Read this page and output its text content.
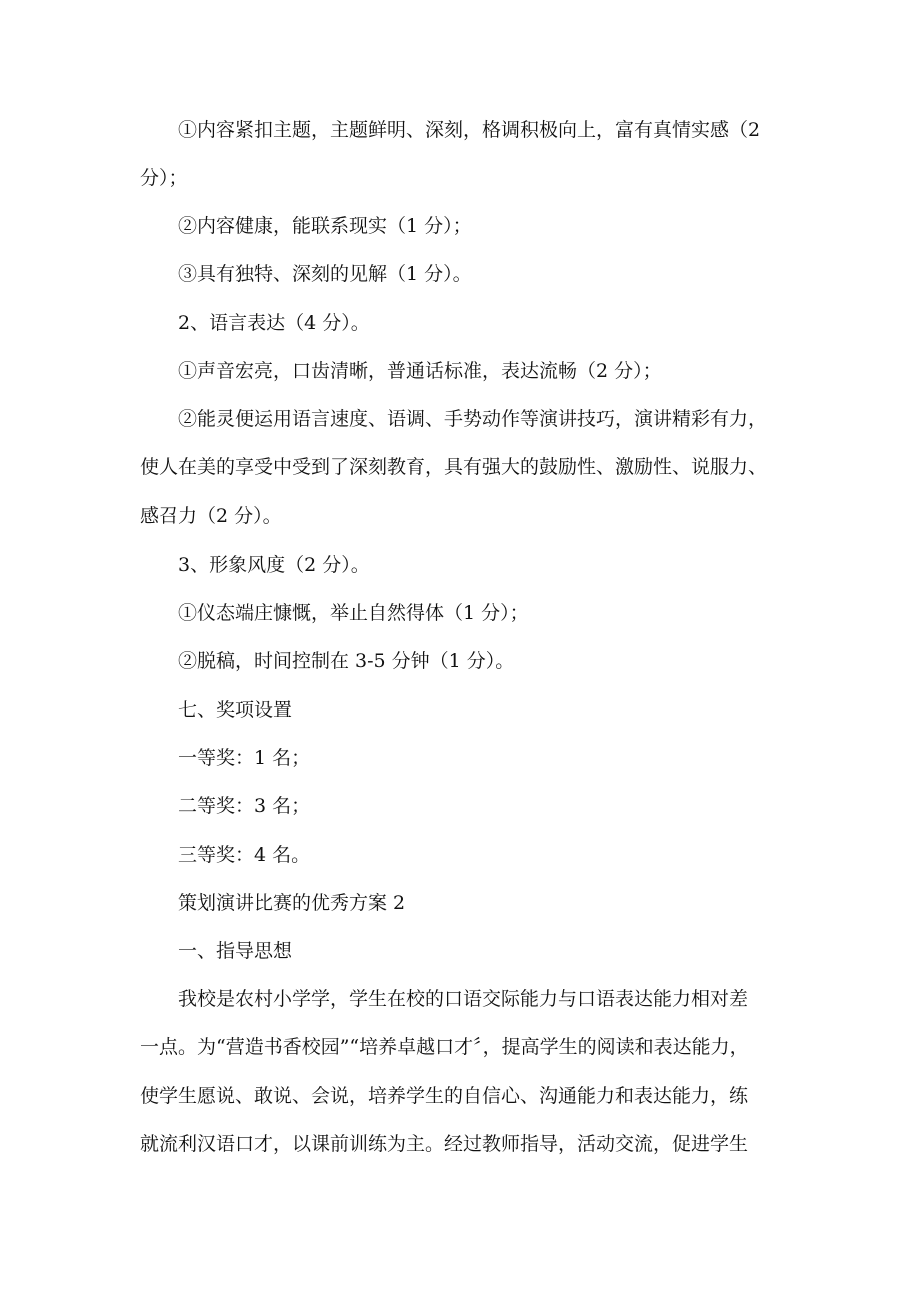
①内容紧扣主题，主题鲜明、深刻，格调积极向上，富有真情实感（2
分）；
②内容健康，能联系现实（1 分）；
③具有独特、深刻的见解（1 分）。
2、语言表达（4 分）。
①声音宏亮，口齿清晰，普通话标准，表达流畅（2 分）；
②能灵便运用语言速度、语调、手势动作等演讲技巧，演讲精彩有力，
使人在美的享受中受到了深刻教育，具有强大的鼓励性、激励性、说服力、
感召力（2 分）。
3、形象风度（2 分）。
①仪态端庄慷慨，举止自然得体（1 分）；
②脱稿，时间控制在 3-5 分钟（1 分）。
七、奖项设置
一等奖：1 名；
二等奖：3 名；
三等奖：4 名。
策划演讲比赛的优秀方案 2
一、指导思想
我校是农村小学学，学生在校的口语交际能力与口语表达能力相对差
一点。为“营造书香校园”“培养卓越口才〞，提高学生的阅读和表达能力，
使学生愿说、敢说、会说，培养学生的自信心、沟通能力和表达能力，练
就流利汉语口才，以课前训练为主。经过教师指导，活动交流，促进学生
